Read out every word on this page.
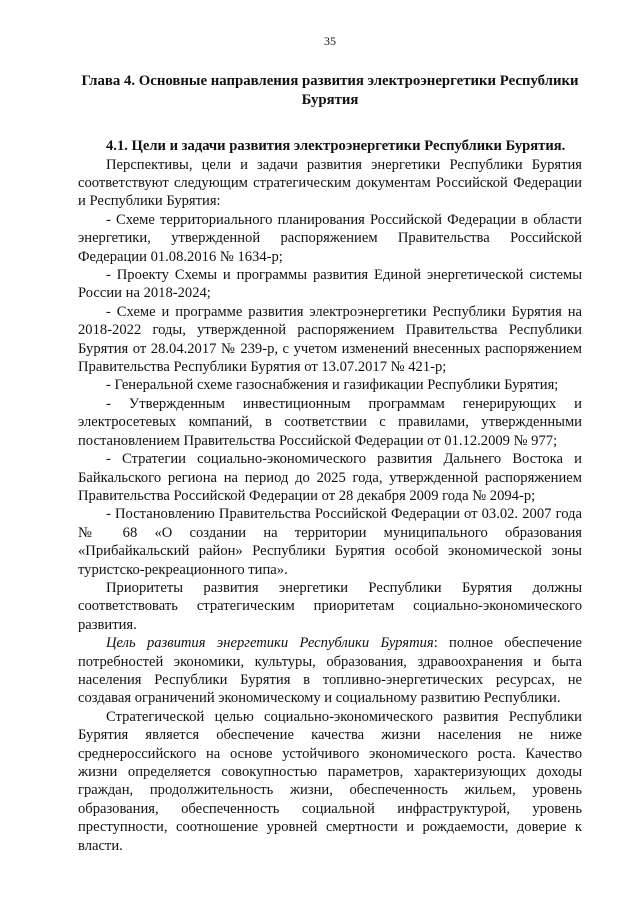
35
Глава 4. Основные направления развития электроэнергетики Республики Бурятия

4.1. Цели и задачи развития электроэнергетики Республики Бурятия.

Перспективы, цели и задачи развития энергетики Республики Бурятия соответствуют следующим стратегическим документам Российской Федерации и Республики Бурятия:

- Схеме территориального планирования Российской Федерации в области энергетики, утвержденной распоряжением Правительства Российской Федерации 01.08.2016 № 1634-р;

- Проекту Схемы и программы развития Единой энергетической системы России на 2018-2024;

- Схеме и программе развития электроэнергетики Республики Бурятия на 2018-2022 годы, утвержденной распоряжением Правительства Республики Бурятия от 28.04.2017 № 239-р, с учетом изменений внесенных распоряжением Правительства Республики Бурятия от 13.07.2017 № 421-р;

- Генеральной схеме газоснабжения и газификации Республики Бурятия;

- Утвержденным инвестиционным программам генерирующих и электросетевых компаний, в соответствии с правилами, утвержденными постановлением Правительства Российской Федерации от 01.12.2009 № 977;

- Стратегии социально-экономического развития Дальнего Востока и Байкальского региона на период до 2025 года, утвержденной распоряжением Правительства Российской Федерации от 28 декабря 2009 года № 2094-р;

- Постановлению Правительства Российской Федерации от 03.02. 2007 года № 68 «О создании на территории муниципального образования «Прибайкальский район» Республики Бурятия особой экономической зоны туристско-рекреационного типа».

Приоритеты развития энергетики Республики Бурятия должны соответствовать стратегическим приоритетам социально-экономического развития.

Цель развития энергетики Республики Бурятия: полное обеспечение потребностей экономики, культуры, образования, здравоохранения и быта населения Республики Бурятия в топливно-энергетических ресурсах, не создавая ограничений экономическому и социальному развитию Республики.

Стратегической целью социально-экономического развития Республики Бурятия является обеспечение качества жизни населения не ниже среднероссийского на основе устойчивого экономического роста. Качество жизни определяется совокупностью параметров, характеризующих доходы граждан, продолжительность жизни, обеспеченность жильем, уровень образования, обеспеченность социальной инфраструктурой, уровень преступности, соотношение уровней смертности и рождаемости, доверие к власти.
